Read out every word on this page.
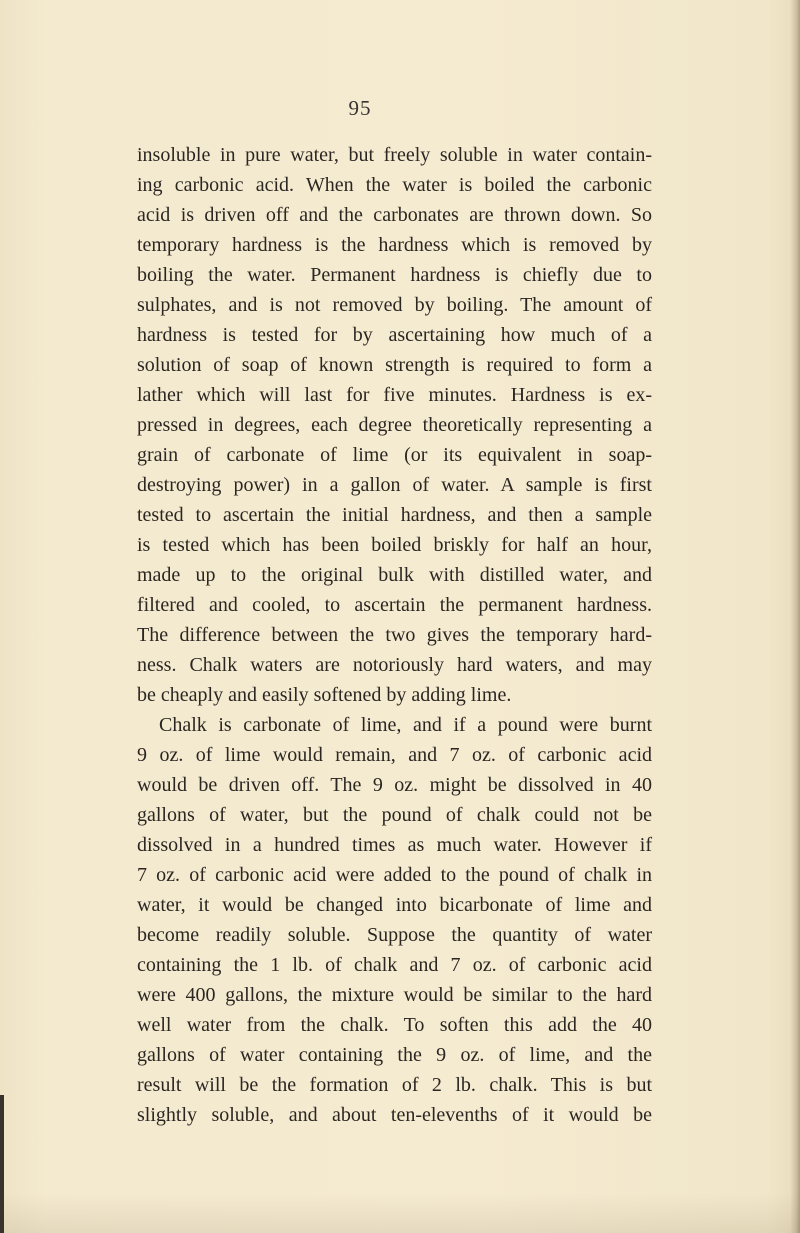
95
insoluble in pure water, but freely soluble in water contain-
ing carbonic acid. When the water is boiled the carbonic
acid is driven off and the carbonates are thrown down. So
temporary hardness is the hardness which is removed by
boiling the water. Permanent hardness is chiefly due to
sulphates, and is not removed by boiling. The amount of
hardness is tested for by ascertaining how much of a
solution of soap of known strength is required to form a
lather which will last for five minutes. Hardness is ex-
pressed in degrees, each degree theoretically representing a
grain of carbonate of lime (or its equivalent in soap-
destroying power) in a gallon of water. A sample is first
tested to ascertain the initial hardness, and then a sample
is tested which has been boiled briskly for half an hour,
made up to the original bulk with distilled water, and
filtered and cooled, to ascertain the permanent hardness.
The difference between the two gives the temporary hard-
ness. Chalk waters are notoriously hard waters, and may
be cheaply and easily softened by adding lime.
Chalk is carbonate of lime, and if a pound were burnt
9 oz. of lime would remain, and 7 oz. of carbonic acid
would be driven off. The 9 oz. might be dissolved in 40
gallons of water, but the pound of chalk could not be
dissolved in a hundred times as much water. However if
7 oz. of carbonic acid were added to the pound of chalk in
water, it would be changed into bicarbonate of lime and
become readily soluble. Suppose the quantity of water
containing the 1 lb. of chalk and 7 oz. of carbonic acid
were 400 gallons, the mixture would be similar to the hard
well water from the chalk. To soften this add the 40
gallons of water containing the 9 oz. of lime, and the
result will be the formation of 2 lb. chalk. This is but
slightly soluble, and about ten-elevenths of it would be
